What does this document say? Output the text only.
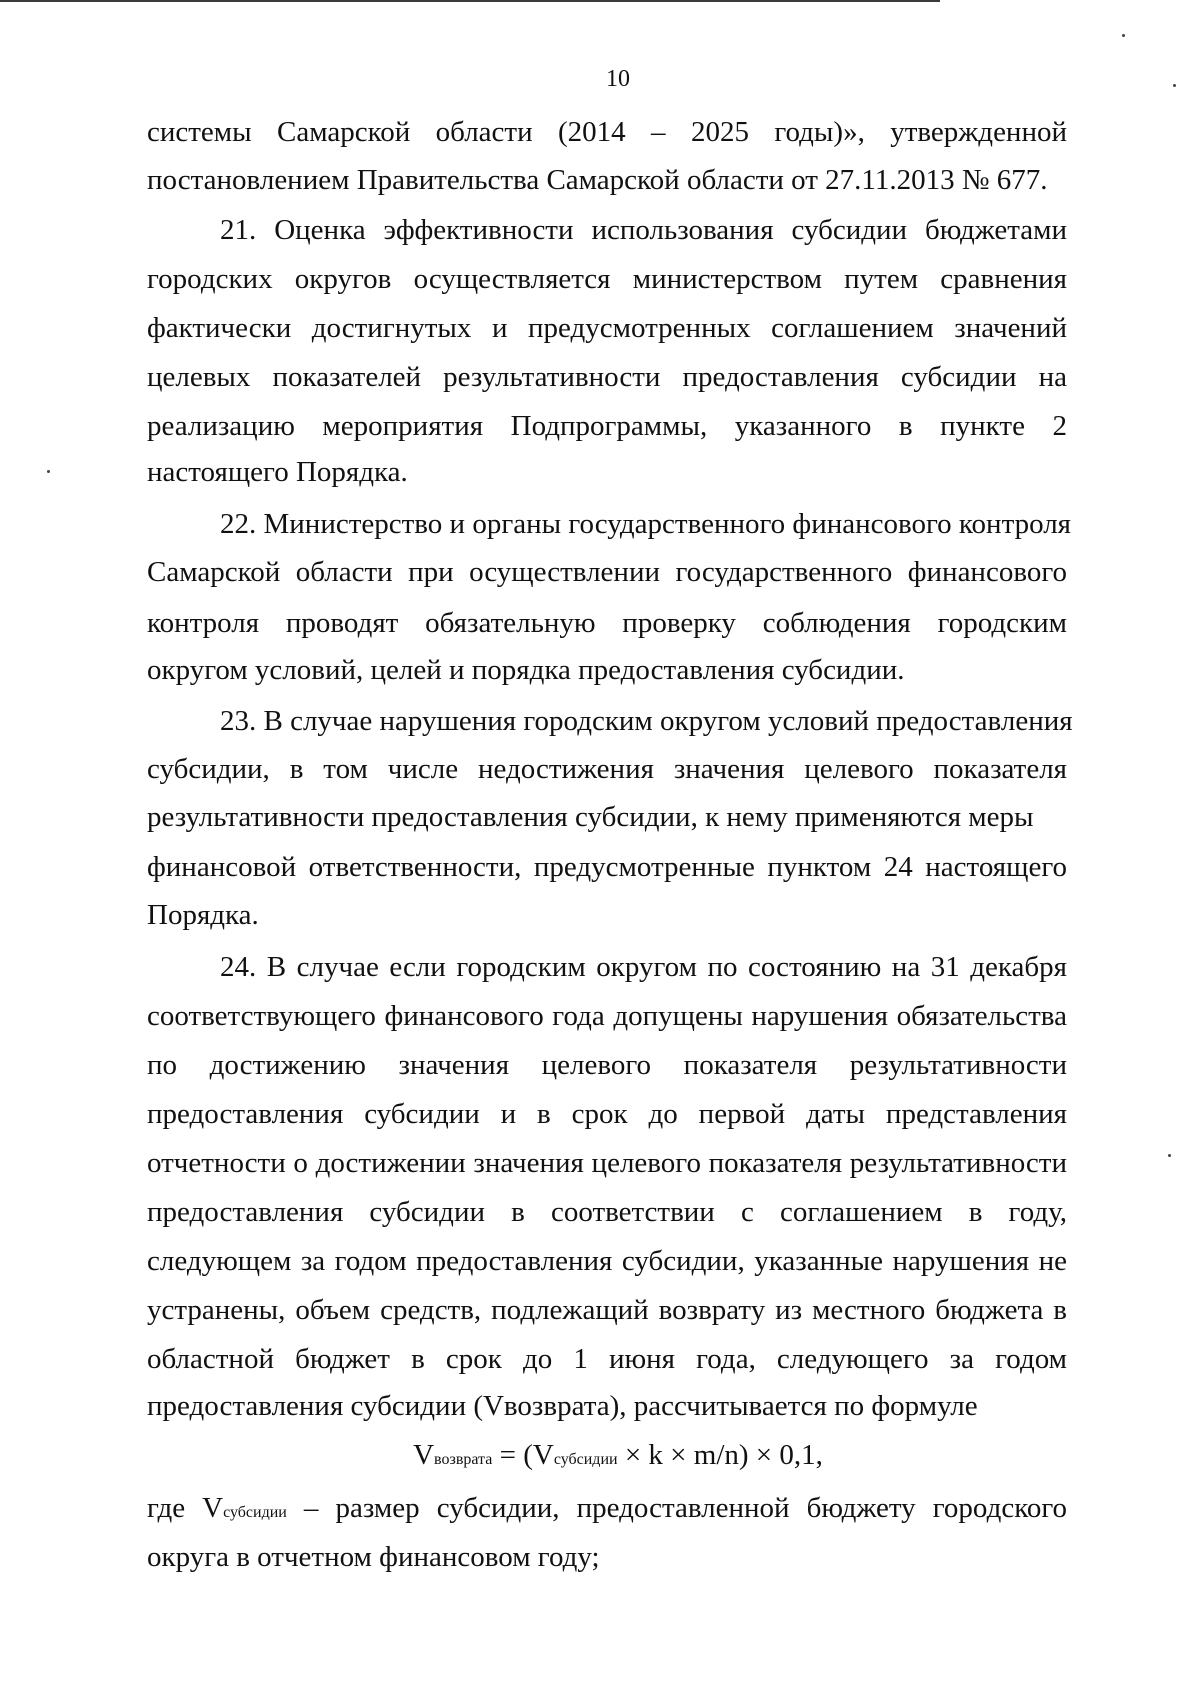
10
системы Самарской области (2014 – 2025 годы)», утвержденной
постановлением Правительства Самарской области от 27.11.2013 № 677.
21. Оценка эффективности использования субсидии бюджетами
городских округов осуществляется министерством путем сравнения
фактически достигнутых и предусмотренных соглашением значений
целевых показателей результативности предоставления субсидии на
реализацию мероприятия Подпрограммы, указанного в пункте 2
настоящего Порядка.
22. Министерство и органы государственного финансового контроля
Самарской области при осуществлении государственного финансового
контроля проводят обязательную проверку соблюдения городским
округом условий, целей и порядка предоставления субсидии.
23. В случае нарушения городским округом условий предоставления
субсидии, в том числе недостижения значения целевого показателя
результативности предоставления субсидии, к нему применяются меры
финансовой ответственности, предусмотренные пунктом 24 настоящего
Порядка.
24. В случае если городским округом по состоянию на 31 декабря
соответствующего финансового года допущены нарушения обязательства
по достижению значения целевого показателя результативности
предоставления субсидии и в срок до первой даты представления
отчетности о достижении значения целевого показателя результативности
предоставления субсидии в соответствии с соглашением в году,
следующем за годом предоставления субсидии, указанные нарушения не
устранены, объем средств, подлежащий возврату из местного бюджета в
областной бюджет в срок до 1 июня года, следующего за годом
предоставления субсидии (Vвозврата), рассчитывается по формуле
Vвозврата = (Vсубсидии × k × m/n) × 0,1,
где Vсубсидии – размер субсидии, предоставленной бюджету городского
округа в отчетном финансовом году;
